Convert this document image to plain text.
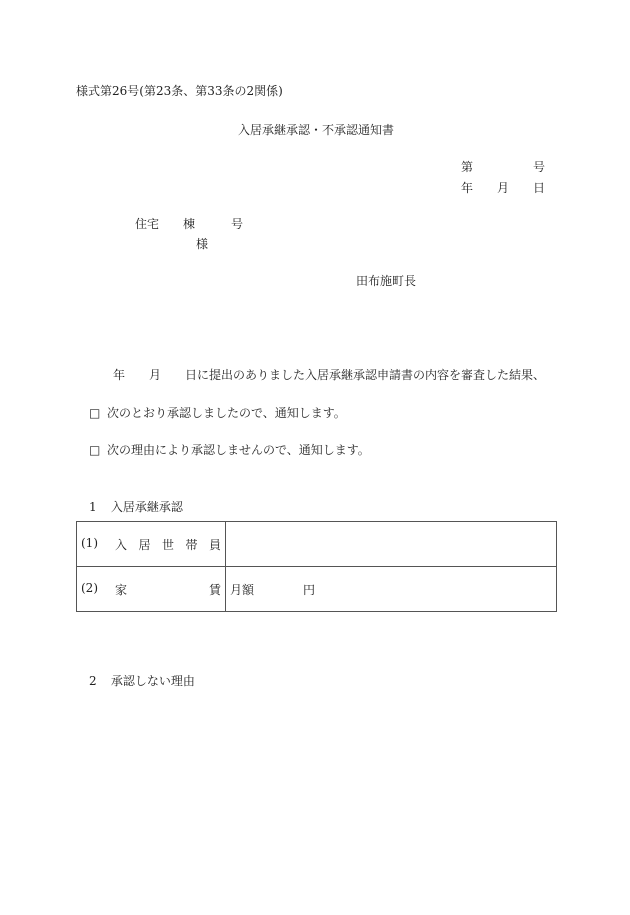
様式第26号(第23条、第33条の2関係)
入居承継承認・不承認通知書
第	号
年 月 日
住宅	棟	号
様
田布施町長
年	月	日に提出のありました入居承継承認申請書の内容を審査した結果、
□ 次のとおり承認しましたので、通知します。
□ 次の理由により承認しませんので、通知します。
1 入居承継承認
(1)	入 居 世 帯 員

(2) 家 賃	月額 円
2 承認しない理由
